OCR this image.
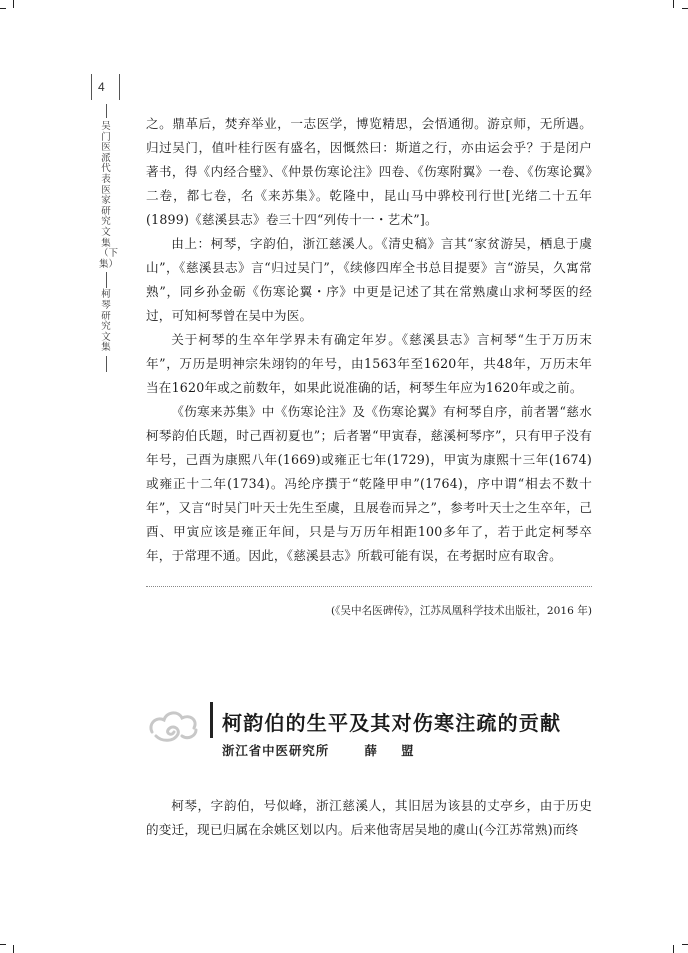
4
吴门医派代表医家研究文集（下集）
柯琴研究文集

之。鼎革后，焚弃举业，一志医学，博览精思，会悟通彻。游京师，无所遇。归过吴门，值叶桂行医有盛名，因慨然曰：斯道之行，亦由运会乎？于是闭户著书，得《内经合璧》、《仲景伤寒论注》四卷、《伤寒附翼》一卷、《伤寒论翼》二卷，都七卷，名《来苏集》。乾隆中，昆山马中骅校刊行世[光绪二十五年(1899)《慈溪县志》卷三十四“列传十一・艺术”]。

由上：柯琴，字韵伯，浙江慈溪人。《清史稿》言其“家贫游吴，栖息于虞山”，《慈溪县志》言“归过吴门”，《续修四库全书总目提要》言“游吴，久寓常熟”，同乡孙金砺《伤寒论翼・序》中更是记述了其在常熟虞山求柯琴医的经过，可知柯琴曾在吴中为医。

关于柯琴的生卒年学界未有确定年岁。《慈溪县志》言柯琴“生于万历末年”，万历是明神宗朱翊钧的年号，由1563年至1620年，共48年，万历末年当在1620年或之前数年，如果此说准确的话，柯琴生年应为1620年或之前。

《伤寒来苏集》中《伤寒论注》及《伤寒论翼》有柯琴自序，前者署“慈水柯琴韵伯氏题，时己酉初夏也”；后者署“甲寅春，慈溪柯琴序”，只有甲子没有年号，己酉为康熙八年(1669)或雍正七年(1729)，甲寅为康熙十三年(1674)或雍正十二年(1734)。冯纶序撰于“乾隆甲申”(1764)，序中谓“相去不数十年”，又言“时吴门叶天士先生至虞，且展卷而异之”，参考叶天士之生卒年，己酉、甲寅应该是雍正年间，只是与万历年相距100多年了，若于此定柯琴卒年，于常理不通。因此，《慈溪县志》所载可能有误，在考据时应有取舍。

(《吴中名医碑传》，江苏凤凰科学技术出版社，2016 年)
柯韵伯的生平及其对伤寒注疏的贡献
浙江省中医研究所	薛 盟

柯琴，字韵伯，号似峰，浙江慈溪人，其旧居为该县的丈亭乡，由于历史的变迁，现已归属在余姚区划以内。后来他寄居吴地的虞山(今江苏常熟)而终
